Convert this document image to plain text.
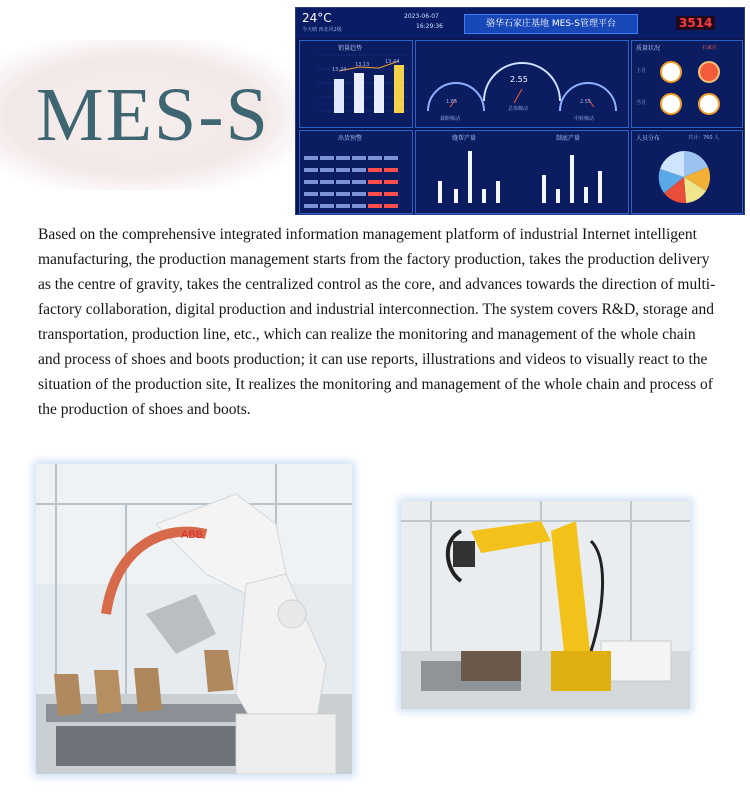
MES-S
24°C
今天晴 西北风2级
骆华石家庄基地 MES-S管理平台
2023-06-07
16:29:36	3514
销量趋势
13.24
13.13	13.44
2.55
1.85	2.55
总体稼动
裁断稼动	中转稼动
质量状况	石家庄
上月
当月
出货预警	缝帮产量	制底产量	人员分布	共计：760 人
Based on the comprehensive integrated information management platform of industrial Internet intelligent manufacturing, the production management starts from the factory production, takes the production delivery as the centre of gravity, takes the centralized control as the core, and advances towards the direction of multi-factory collaboration, digital production and industrial interconnection. The system covers R&D, storage and transportation, production line, etc., which can realize the monitoring and management of the whole chain and process of shoes and boots production; it can use reports, illustrations and videos to visually react to the situation of the production site, It realizes the monitoring and management of the whole chain and process of the production of shoes and boots.
ABB
